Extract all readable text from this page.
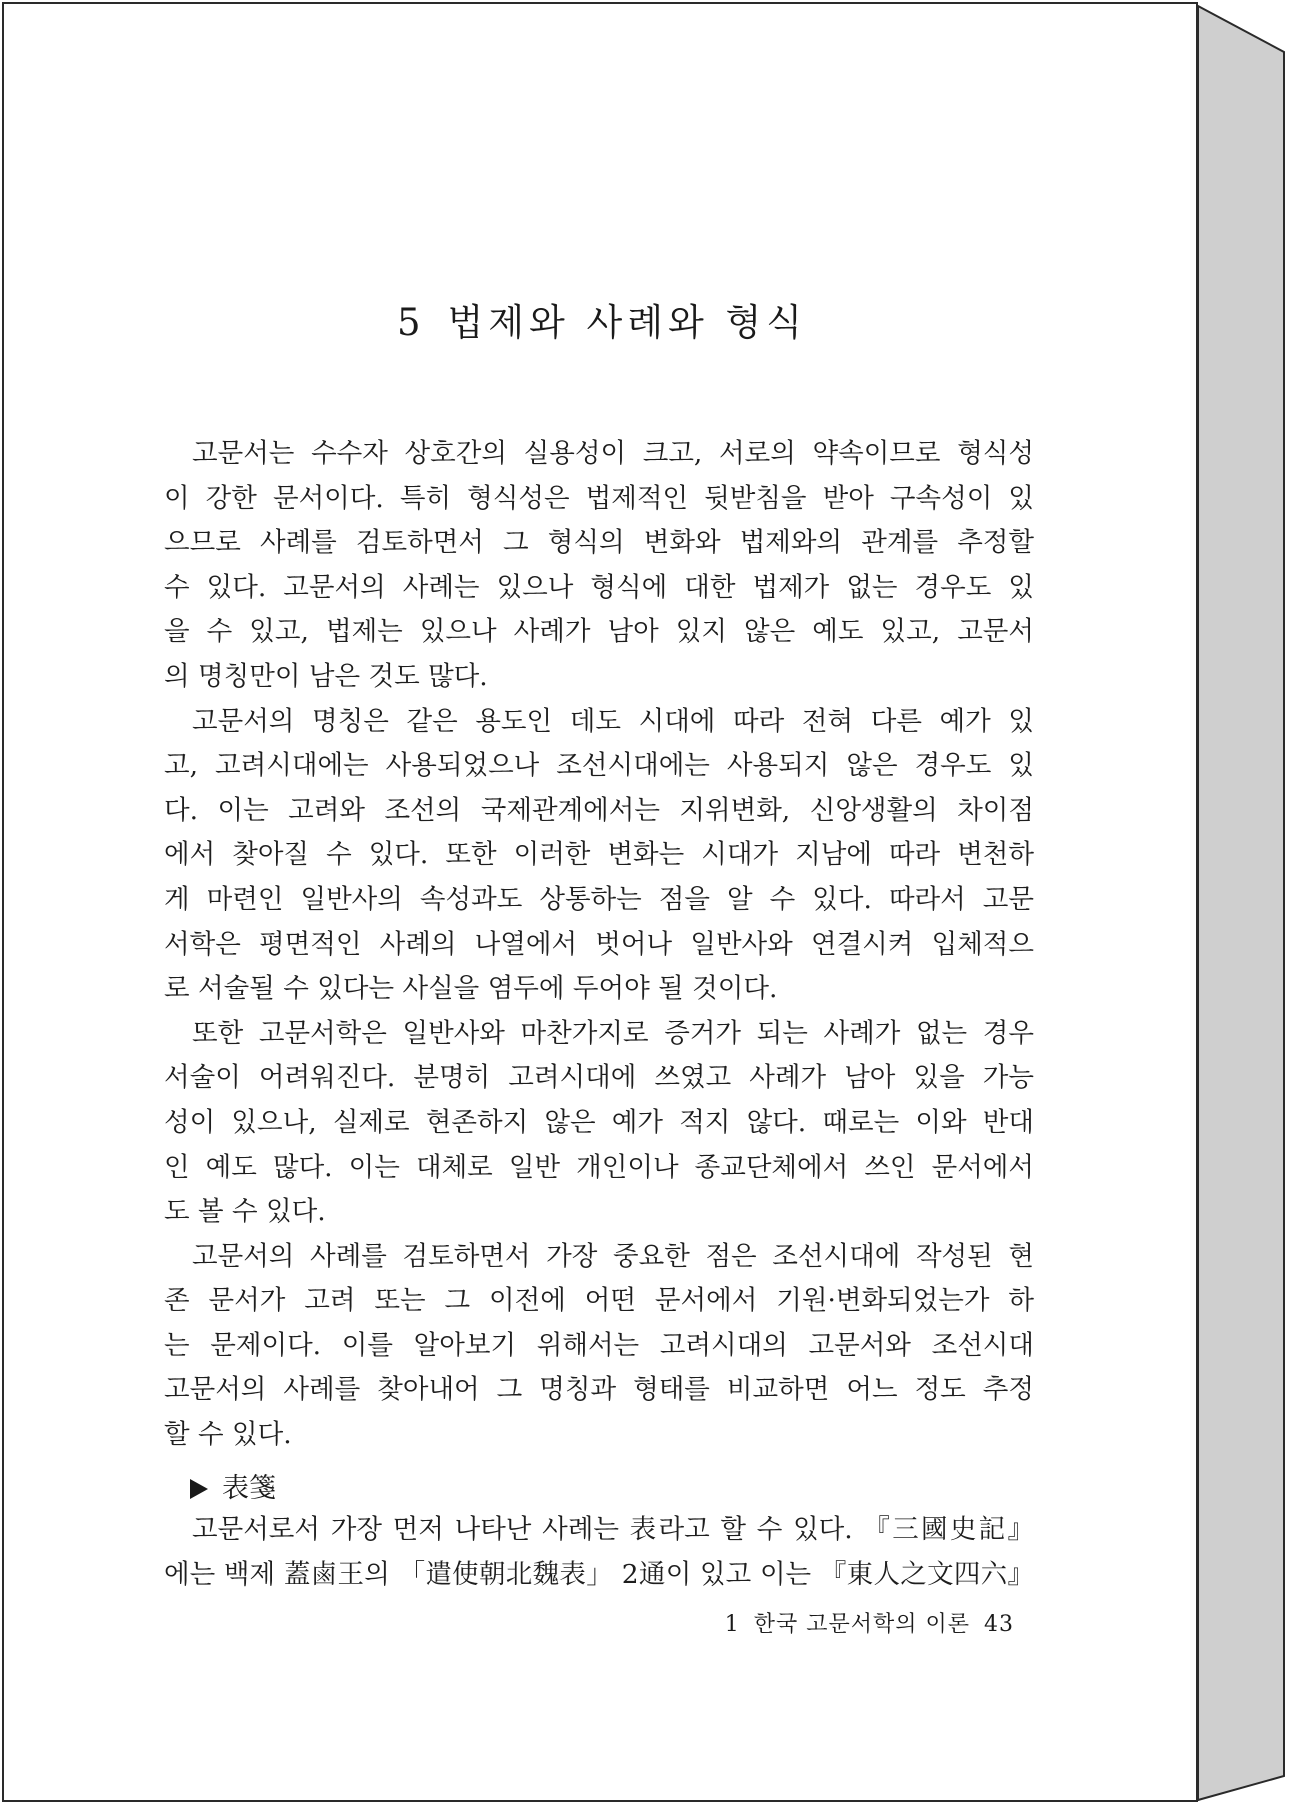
5 법제와 사례와 형식
고문서는 수수자 상호간의 실용성이 크고, 서로의 약속이므로 형식성
이 강한 문서이다. 특히 형식성은 법제적인 뒷받침을 받아 구속성이 있
으므로 사례를 검토하면서 그 형식의 변화와 법제와의 관계를 추정할
수 있다. 고문서의 사례는 있으나 형식에 대한 법제가 없는 경우도 있
을 수 있고, 법제는 있으나 사례가 남아 있지 않은 예도 있고, 고문서
의 명칭만이 남은 것도 많다.
고문서의 명칭은 같은 용도인 데도 시대에 따라 전혀 다른 예가 있
고, 고려시대에는 사용되었으나 조선시대에는 사용되지 않은 경우도 있
다. 이는 고려와 조선의 국제관계에서는 지위변화, 신앙생활의 차이점
에서 찾아질 수 있다. 또한 이러한 변화는 시대가 지남에 따라 변천하
게 마련인 일반사의 속성과도 상통하는 점을 알 수 있다. 따라서 고문
서학은 평면적인 사례의 나열에서 벗어나 일반사와 연결시켜 입체적으
로 서술될 수 있다는 사실을 염두에 두어야 될 것이다.
또한 고문서학은 일반사와 마찬가지로 증거가 되는 사례가 없는 경우
서술이 어려워진다. 분명히 고려시대에 쓰였고 사례가 남아 있을 가능
성이 있으나, 실제로 현존하지 않은 예가 적지 않다. 때로는 이와 반대
인 예도 많다. 이는 대체로 일반 개인이나 종교단체에서 쓰인 문서에서
도 볼 수 있다.
고문서의 사례를 검토하면서 가장 중요한 점은 조선시대에 작성된 현
존 문서가 고려 또는 그 이전에 어떤 문서에서 기원·변화되었는가 하
는 문제이다. 이를 알아보기 위해서는 고려시대의 고문서와 조선시대
고문서의 사례를 찾아내어 그 명칭과 형태를 비교하면 어느 정도 추정
할 수 있다.
表箋
고문서로서 가장 먼저 나타난 사례는 表라고 할 수 있다. 『三國史記』
에는 백제 蓋鹵王의 「遣使朝北魏表」 2通이 있고 이는 『東人之文四六』
1 한국 고문서학의 이론 43
